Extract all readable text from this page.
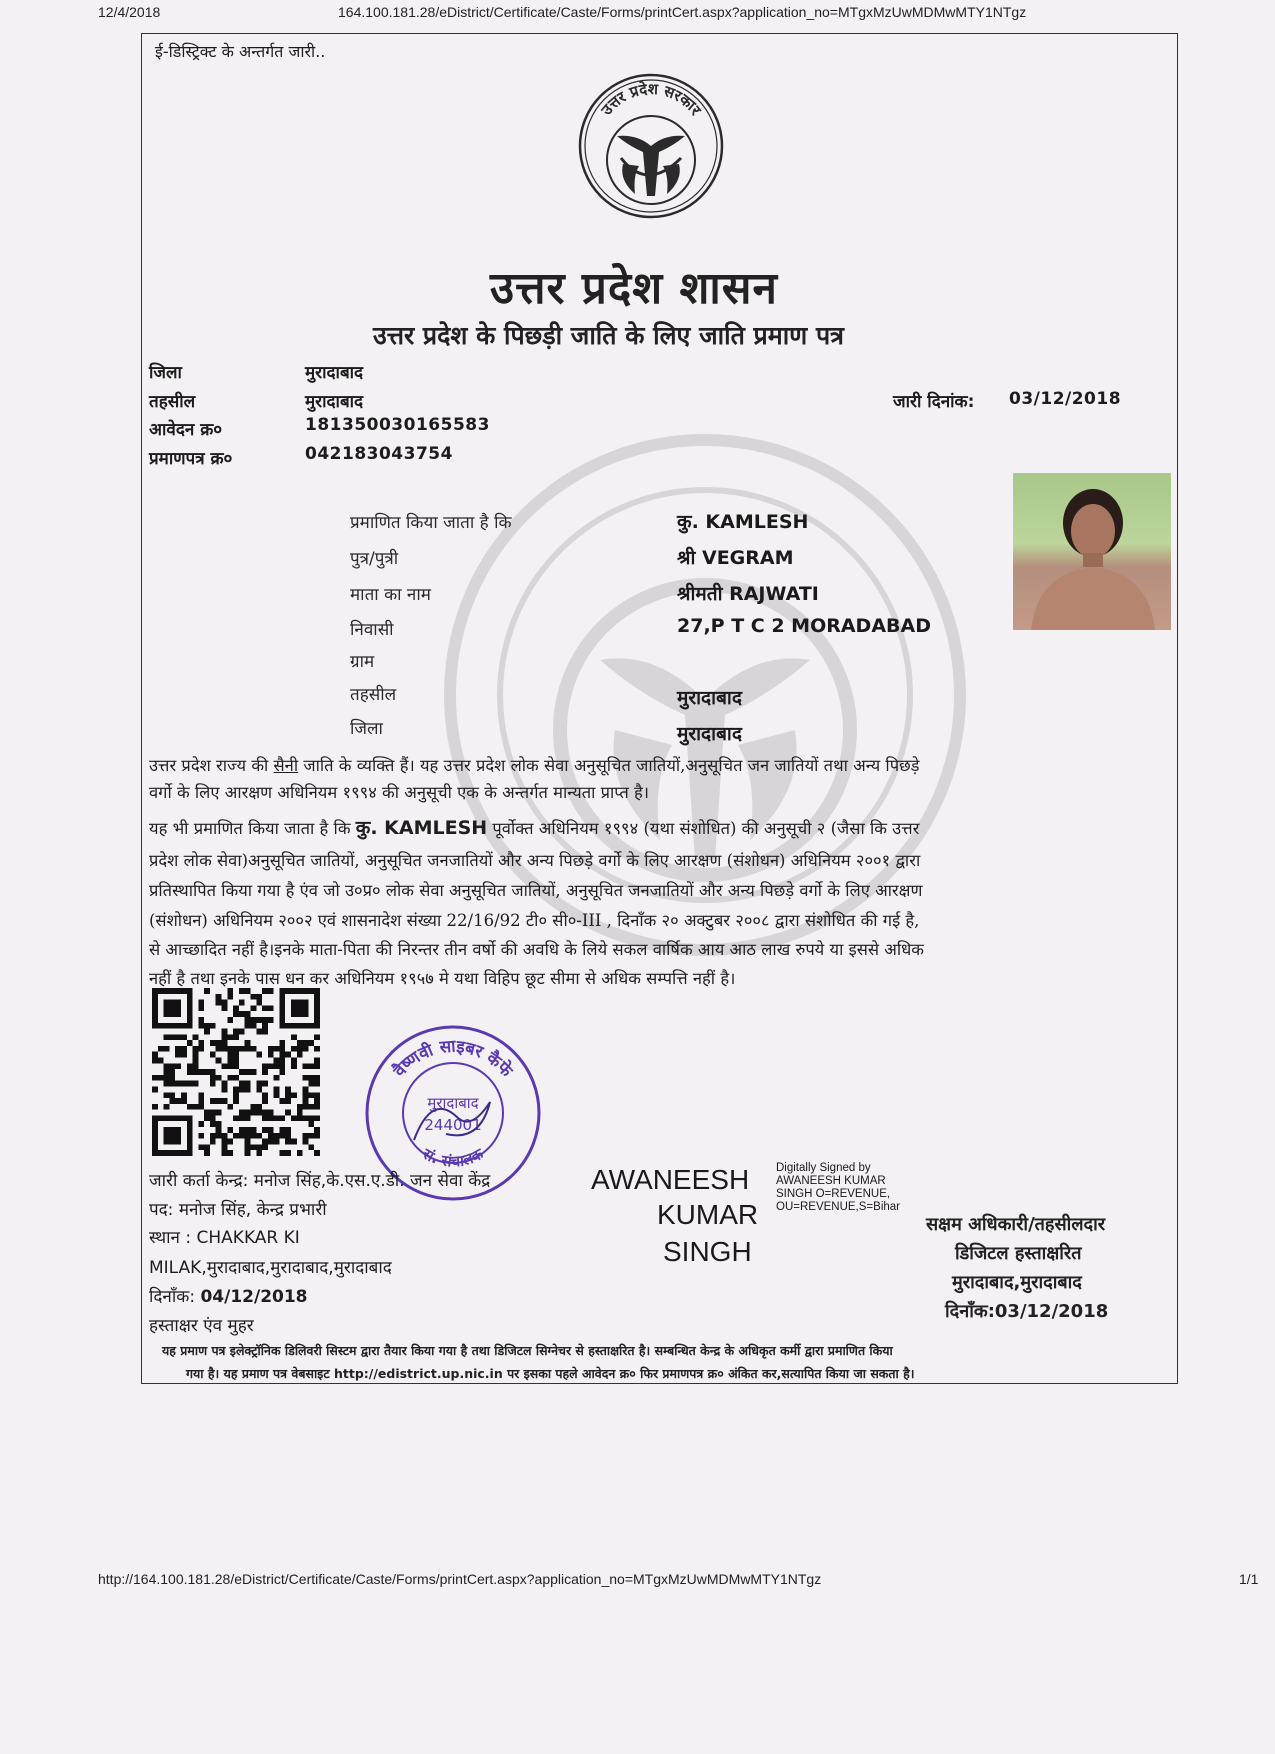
12/4/2018	164.100.181.28/eDistrict/Certificate/Caste/Forms/printCert.aspx?application_no=MTgxMzUwMDMwMTY1NTgz
ई-डिस्ट्रिक्ट के अन्तर्गत जारी..
उत्तर प्रदेश सरकार
उत्तर प्रदेश शासन
उत्तर प्रदेश के पिछड़ी जाति के लिए जाति प्रमाण पत्र
जिला	मुरादाबाद
तहसील	मुरादाबाद
आवेदन क्र०	181350030165583
प्रमाणपत्र क्र०	042183043754
जारी दिनांक: 03/12/2018
प्रमाणित किया जाता है कि	कु. KAMLESH
पुत्र/पुत्री	श्री VEGRAM
माता का नाम	श्रीमती RAJWATI
निवासी	27,P T C 2 MORADABAD
ग्राम
तहसील	मुरादाबाद
जिला	मुरादाबाद
उत्तर प्रदेश राज्य की सैनी जाति के व्यक्ति हैं। यह उत्तर प्रदेश लोक सेवा अनुसूचित जातियों,अनुसूचित जन जातियों तथा अन्य पिछड़े
वर्गो के लिए आरक्षण अधिनियम १९९४ की अनुसूची एक के अन्तर्गत मान्यता प्राप्त है।
यह भी प्रमाणित किया जाता है कि कु. KAMLESH पूर्वोक्त अधिनियम १९९४ (यथा संशोधित) की अनुसूची २ (जैसा कि उत्तर
प्रदेश लोक सेवा)अनुसूचित जातियों, अनुसूचित जनजातियों और अन्य पिछड़े वर्गो के लिए आरक्षण (संशोधन) अधिनियम २००१ द्वारा
प्रतिस्थापित किया गया है एंव जो उ०प्र० लोक सेवा अनुसूचित जातियों, अनुसूचित जनजातियों और अन्य पिछड़े वर्गो के लिए आरक्षण
(संशोधन) अधिनियम २००२ एवं शासनादेश संख्या 22/16/92 टी० सी०-III , दिनाँक २० अक्टुबर २००८ द्वारा संशोधित की गई है,
से आच्छादित नहीं है।इनके माता-पिता की निरन्तर तीन वर्षो की अवधि के लिये सकल वार्षिक आय आठ लाख रुपये या इससे अधिक
नहीं है तथा इनके पास धन कर अधिनियम १९५७ मे यथा विहिप छूट सीमा से अधिक सम्पत्ति नहीं है।
वैष्णवी साइबर कैफे
सं. संचालक
मुरादाबाद
244001
जारी कर्ता केन्द्र: मनोज सिंह,के.एस.ए.डी. जन सेवा केंद्र
पद: मनोज सिंह, केन्द्र प्रभारी
स्थान : CHAKKAR KI
MILAK,मुरादाबाद,मुरादाबाद,मुरादाबाद
दिनाँक: 04/12/2018
हस्ताक्षर एंव मुहर
AWANEESH
KUMAR
SINGH
Digitally Signed by
AWANEESH KUMAR
SINGH O=REVENUE,
OU=REVENUE,S=Bihar
सक्षम अधिकारी/तहसीलदार
डिजिटल हस्ताक्षरित
मुरादाबाद,मुरादाबाद
दिनाँक:03/12/2018
यह प्रमाण पत्र इलेक्ट्रॉनिक डिलिवरी सिस्टम द्वारा तैयार किया गया है तथा डिजिटल सिग्नेचर से हस्ताक्षरित है। सम्बन्धित केन्द्र के अधिकृत कर्मी द्वारा प्रमाणित किया
गया है। यह प्रमाण पत्र वेबसाइट http://edistrict.up.nic.in पर इसका पहले आवेदन क्र० फिर प्रमाणपत्र क्र० अंकित कर,सत्यापित किया जा सकता है।
http://164.100.181.28/eDistrict/Certificate/Caste/Forms/printCert.aspx?application_no=MTgxMzUwMDMwMTY1NTgz	1/1
